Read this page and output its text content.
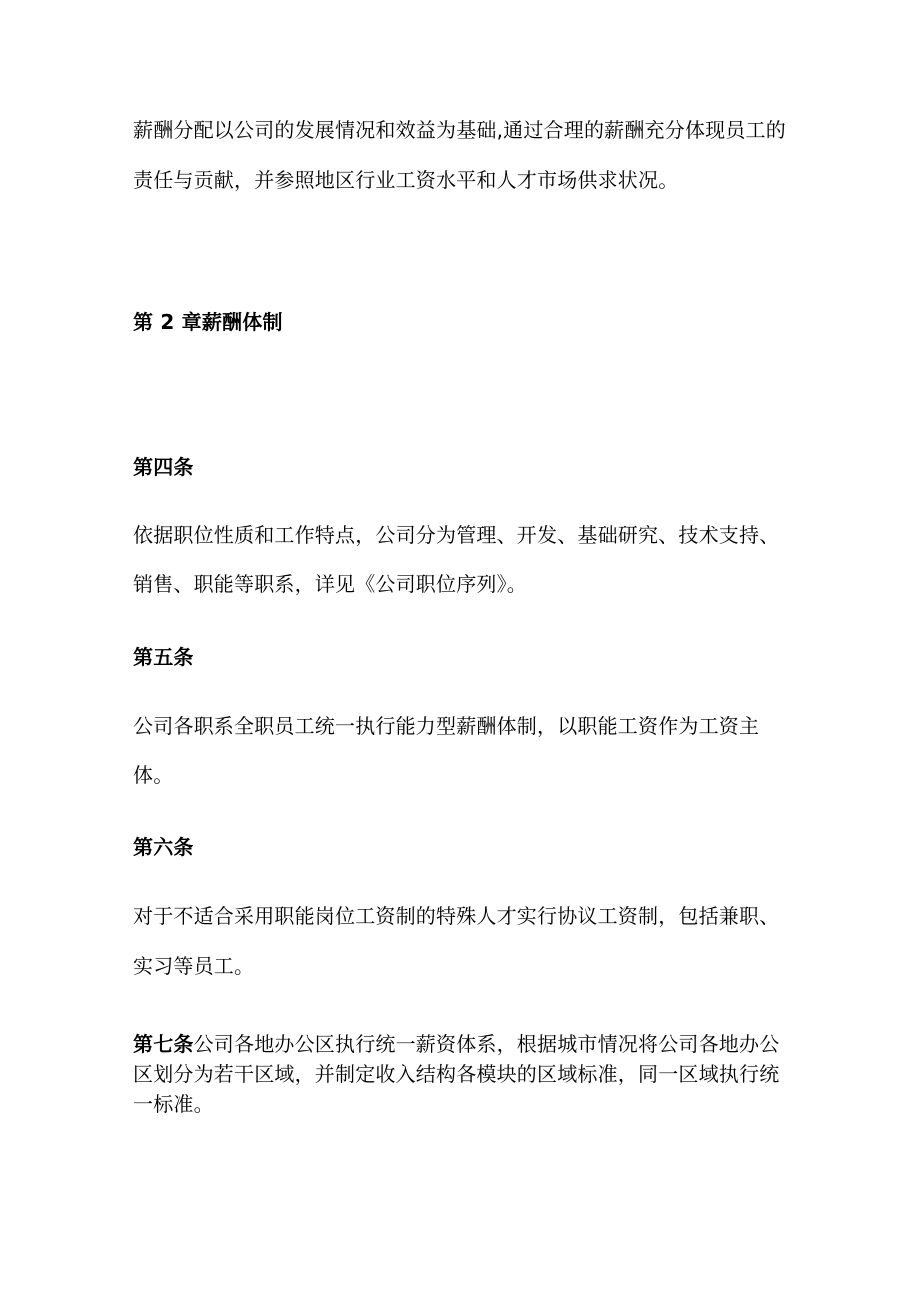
薪酬分配以公司的发展情况和效益为基础,通过合理的薪酬充分体现员工的
责任与贡献，并参照地区行业工资水平和人才市场供求状况。
第 2 章薪酬体制
第四条
依据职位性质和工作特点，公司分为管理、开发、基础研究、技术支持、
销售、职能等职系，详见《公司职位序列》。
第五条
公司各职系全职员工统一执行能力型薪酬体制，以职能工资作为工资主
体。
第六条
对于不适合采用职能岗位工资制的特殊人才实行协议工资制，包括兼职、
实习等员工。
第七条公司各地办公区执行统一薪资体系，根据城市情况将公司各地办公区划分为若干区域，并制定收入结构各模块的区域标准，同一区域执行统一标准。
